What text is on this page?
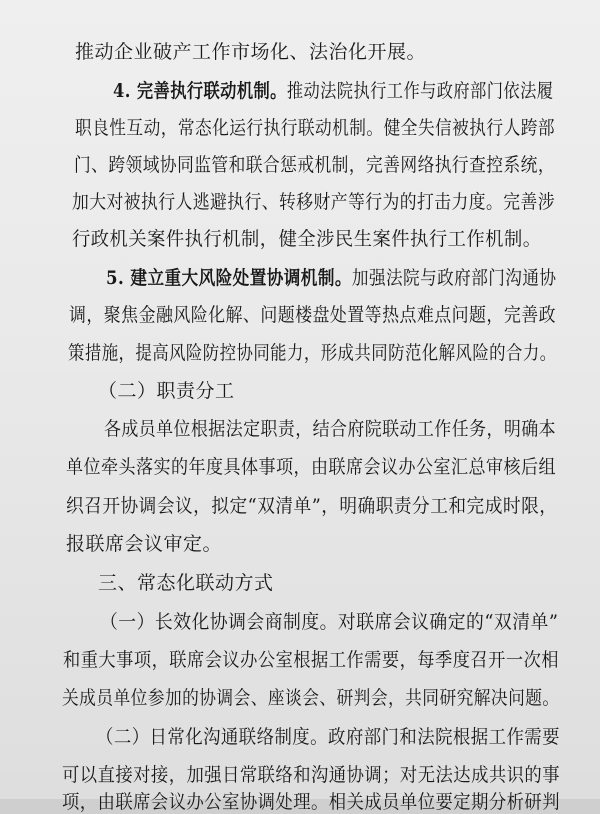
推动企业破产工作市场化、法治化开展。
4. 完善执行联动机制。推动法院执行工作与政府部门依法履
职良性互动，常态化运行执行联动机制。健全失信被执行人跨部
门、跨领域协同监管和联合惩戒机制，完善网络执行查控系统，
加大对被执行人逃避执行、转移财产等行为的打击力度。完善涉
行政机关案件执行机制，健全涉民生案件执行工作机制。
5. 建立重大风险处置协调机制。加强法院与政府部门沟通协
调，聚焦金融风险化解、问题楼盘处置等热点难点问题，完善政
策措施，提高风险防控协同能力，形成共同防范化解风险的合力。
（二）职责分工
各成员单位根据法定职责，结合府院联动工作任务，明确本
单位牵头落实的年度具体事项，由联席会议办公室汇总审核后组
织召开协调会议，拟定“双清单”，明确职责分工和完成时限，
报联席会议审定。
三、常态化联动方式
（一）长效化协调会商制度。对联席会议确定的“双清单”
和重大事项，联席会议办公室根据工作需要，每季度召开一次相
关成员单位参加的协调会、座谈会、研判会，共同研究解决问题。
（二）日常化沟通联络制度。政府部门和法院根据工作需要
可以直接对接，加强日常联络和沟通协调；对无法达成共识的事
项，由联席会议办公室协调处理。相关成员单位要定期分析研判
